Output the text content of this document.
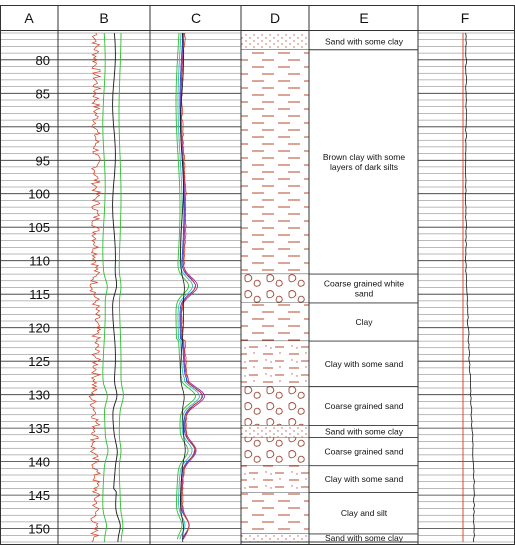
A	B	C	D	E	F
80
85
90
95
100
105
110
115
120
125
130
135
140
145
150
Sand with some clay
Brown clay with some layers of dark silts
Coarse grained white sand
Clay
Clay with some sand
Coarse grained sand
Sand with some clay
Coarse grained sand
Clay with some sand
Clay and silt
Sand with some clay
